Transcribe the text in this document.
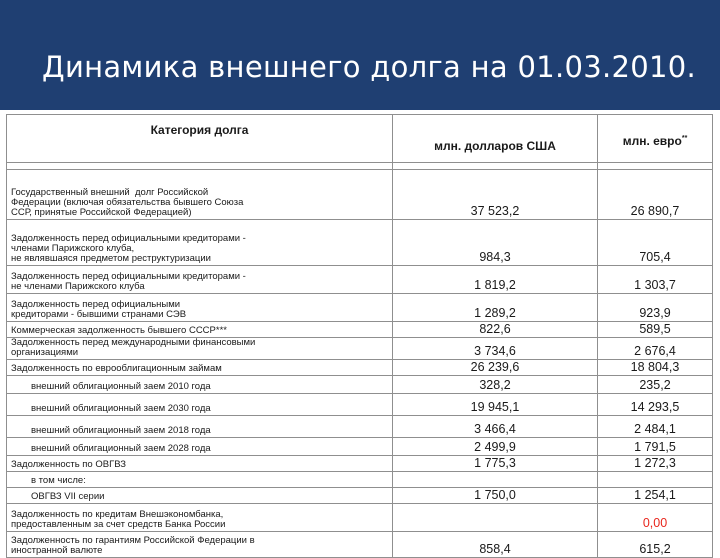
Динамика внешнего долга на 01.03.2010.
Категория долга	млн. долларов США	млн. евро**

Государственный внешний  долг Российской
Федерации (включая обязательства бывшего Союза
ССР, принятые Российской Федерацией)	37 523,2	26 890,7
Задолженность перед официальными кредиторами -
членами Парижского клуба,
не являвшаяся предметом реструктуризации	984,3	705,4
Задолженность перед официальными кредиторами -
не членами Парижского клуба	1 819,2	1 303,7
Задолженность перед официальными
кредиторами - бывшими странами СЭВ	1 289,2	923,9
Коммерческая задолженность бывшего СССР***	822,6	589,5
Задолженность перед международными финансовыми
организациями	3 734,6	2 676,4
Задолженность по еврооблигационным займам	26 239,6	18 804,3
внешний облигационный заем 2010 года	328,2	235,2
внешний облигационный заем 2030 года	19 945,1	14 293,5
внешний облигационный заем 2018 года	3 466,4	2 484,1
внешний облигационный заем 2028 года	2 499,9	1 791,5
Задолженность по ОВГВЗ	1 775,3	1 272,3
в том числе:		
ОВГВЗ VII серии	1 750,0	1 254,1
Задолженность по кредитам Внешэкономбанка,
предоставленным за счет средств Банка России		0,00
Задолженность по гарантиям Российской Федерации в
иностранной валюте	858,4	615,2
